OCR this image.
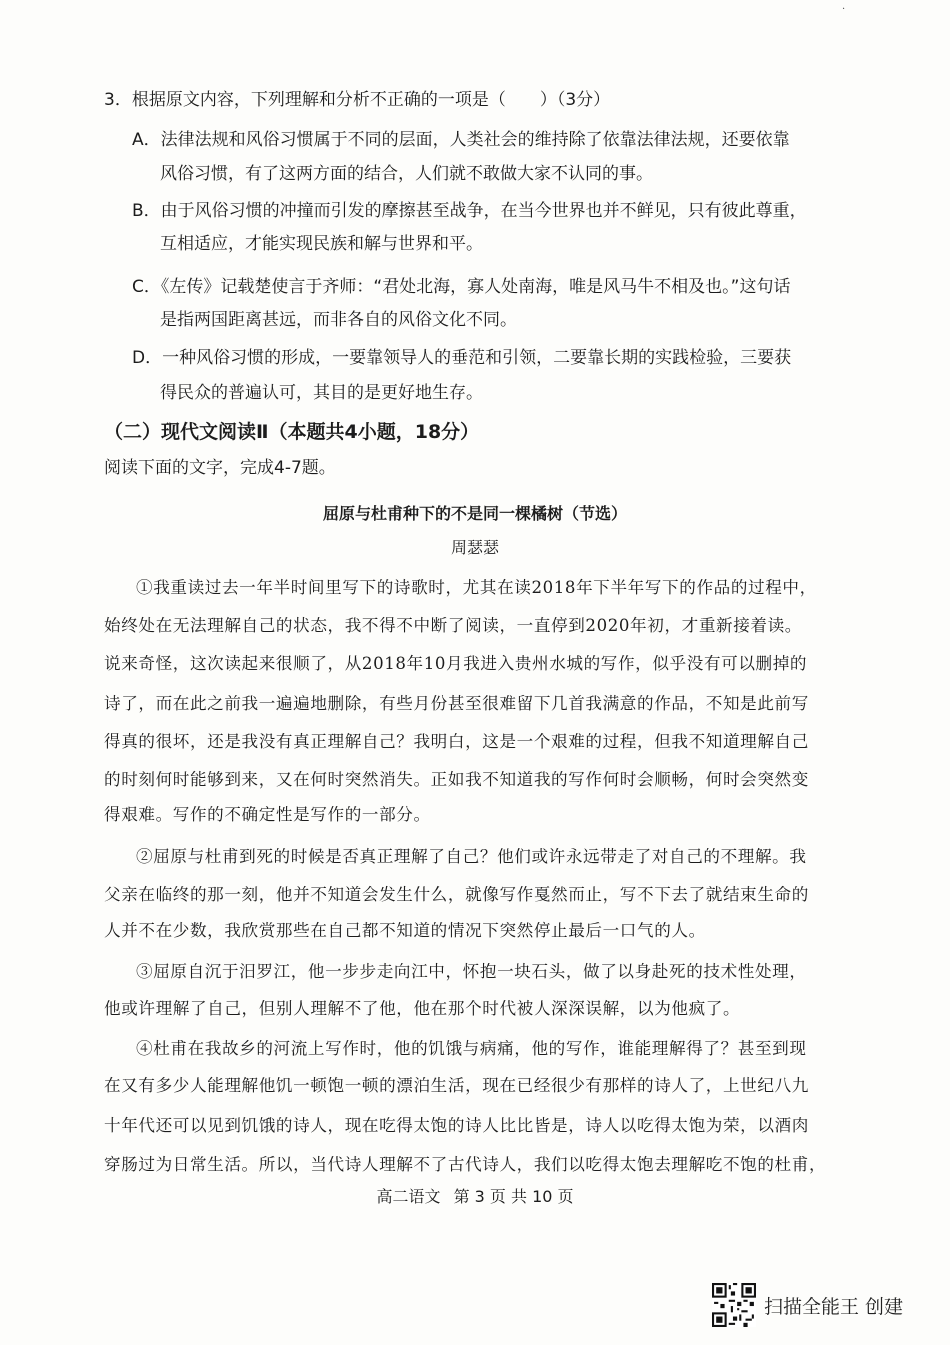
3．根据原文内容，下列理解和分析不正确的一项是（　　）（3分）
A．法律法规和风俗习惯属于不同的层面，人类社会的维持除了依靠法律法规，还要依靠
风俗习惯，有了这两方面的结合，人们就不敢做大家不认同的事。
B．由于风俗习惯的冲撞而引发的摩擦甚至战争，在当今世界也并不鲜见，只有彼此尊重，
互相适应，才能实现民族和解与世界和平。
C．《左传》记载楚使言于齐师：“君处北海，寡人处南海，唯是风马牛不相及也。”这句话
是指两国距离甚远，而非各自的风俗文化不同。
D．一种风俗习惯的形成，一要靠领导人的垂范和引领，二要靠长期的实践检验，三要获
得民众的普遍认可，其目的是更好地生存。
（二）现代文阅读Ⅱ（本题共4小题，18分）
阅读下面的文字，完成4-7题。
屈原与杜甫种下的不是同一棵橘树（节选）
周瑟瑟
①我重读过去一年半时间里写下的诗歌时，尤其在读2018年下半年写下的作品的过程中，
始终处在无法理解自己的状态，我不得不中断了阅读，一直停到2020年初，才重新接着读。
说来奇怪，这次读起来很顺了，从2018年10月我进入贵州水城的写作，似乎没有可以删掉的
诗了，而在此之前我一遍遍地删除，有些月份甚至很难留下几首我满意的作品，不知是此前写
得真的很坏，还是我没有真正理解自己？我明白，这是一个艰难的过程，但我不知道理解自己
的时刻何时能够到来，又在何时突然消失。正如我不知道我的写作何时会顺畅，何时会突然变
得艰难。写作的不确定性是写作的一部分。
②屈原与杜甫到死的时候是否真正理解了自己？他们或许永远带走了对自己的不理解。我
父亲在临终的那一刻，他并不知道会发生什么，就像写作戛然而止，写不下去了就结束生命的
人并不在少数，我欣赏那些在自己都不知道的情况下突然停止最后一口气的人。
③屈原自沉于汨罗江，他一步步走向江中，怀抱一块石头，做了以身赴死的技术性处理，
他或许理解了自己，但别人理解不了他，他在那个时代被人深深误解，以为他疯了。
④杜甫在我故乡的河流上写作时，他的饥饿与病痛，他的写作，谁能理解得了？甚至到现
在又有多少人能理解他饥一顿饱一顿的漂泊生活，现在已经很少有那样的诗人了，上世纪八九
十年代还可以见到饥饿的诗人，现在吃得太饱的诗人比比皆是，诗人以吃得太饱为荣，以酒肉
穿肠过为日常生活。所以，当代诗人理解不了古代诗人，我们以吃得太饱去理解吃不饱的杜甫，
高二语文 第 3 页 共 10 页
扫描全能王 创建
·
